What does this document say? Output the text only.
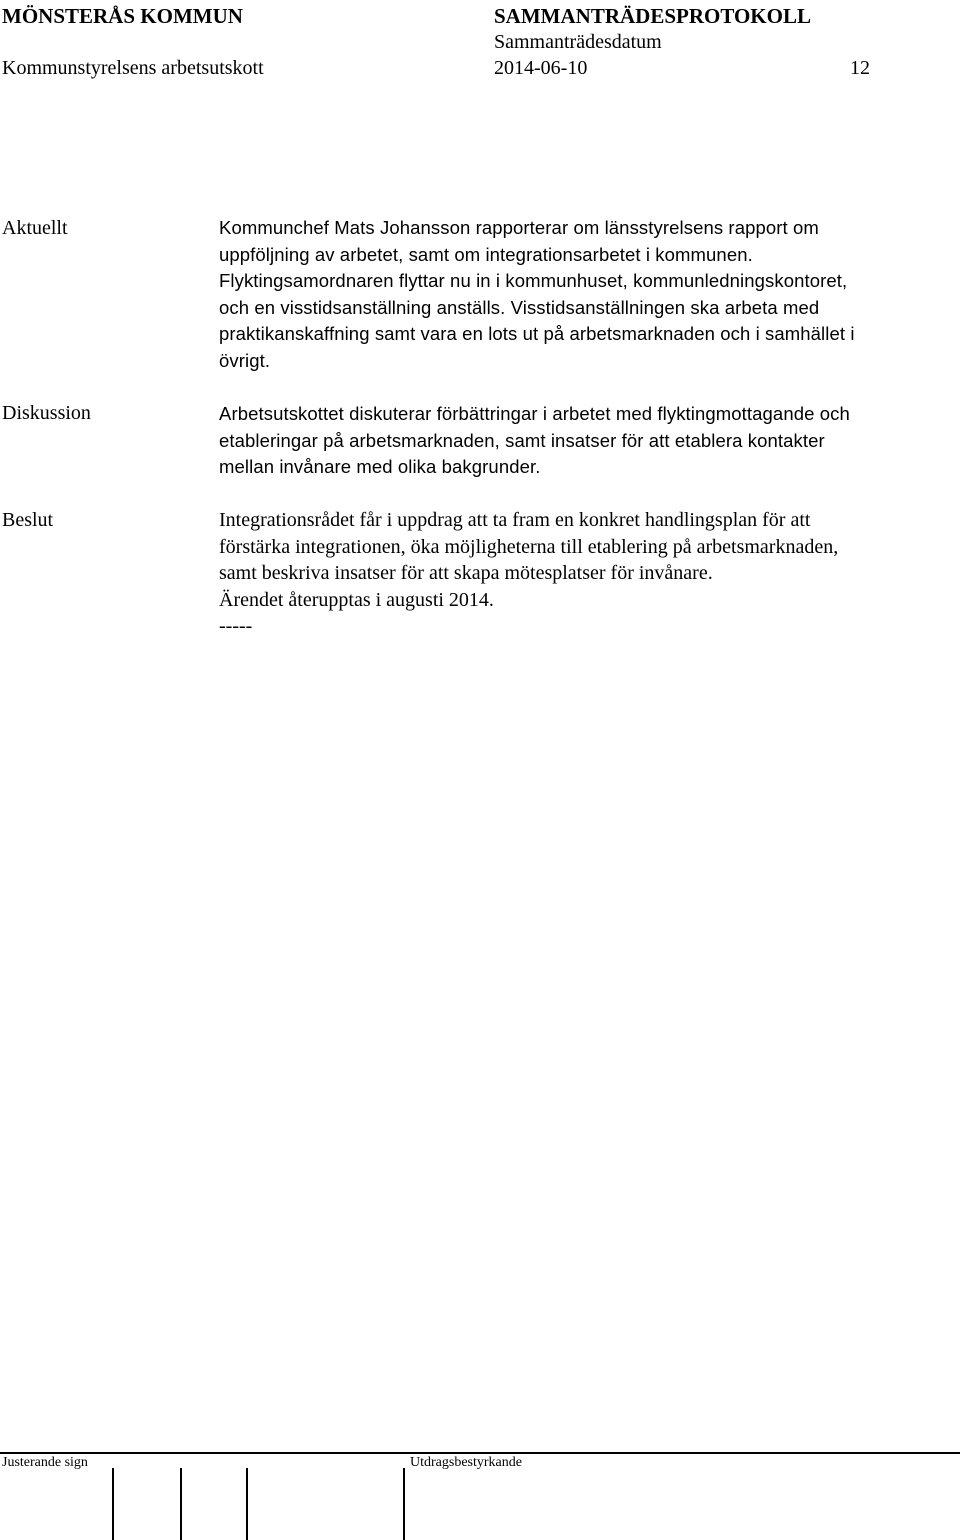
MÖNSTERÅS KOMMUN	SAMMANTRÄDESPROTOKOLL
Sammanträdesdatum
Kommunstyrelsens arbetsutskott	2014-06-10	12
Aktuellt	Kommunchef Mats Johansson rapporterar om länsstyrelsens rapport om
uppföljning av arbetet, samt om integrationsarbetet i kommunen.
Flyktingsamordnaren flyttar nu in i kommunhuset, kommunledningskontoret,
och en visstidsanställning anställs. Visstidsanställningen ska arbeta med
praktikanskaffning samt vara en lots ut på arbetsmarknaden och i samhället i
övrigt.
Diskussion	Arbetsutskottet diskuterar förbättringar i arbetet med flyktingmottagande och
etableringar på arbetsmarknaden, samt insatser för att etablera kontakter
mellan invånare med olika bakgrunder.
Beslut	Integrationsrådet får i uppdrag att ta fram en konkret handlingsplan för att
förstärka integrationen, öka möjligheterna till etablering på arbetsmarknaden,
samt beskriva insatser för att skapa mötesplatser för invånare.
Ärendet återupptas i augusti 2014.
-----
Justerande sign	Utdragsbestyrkande
